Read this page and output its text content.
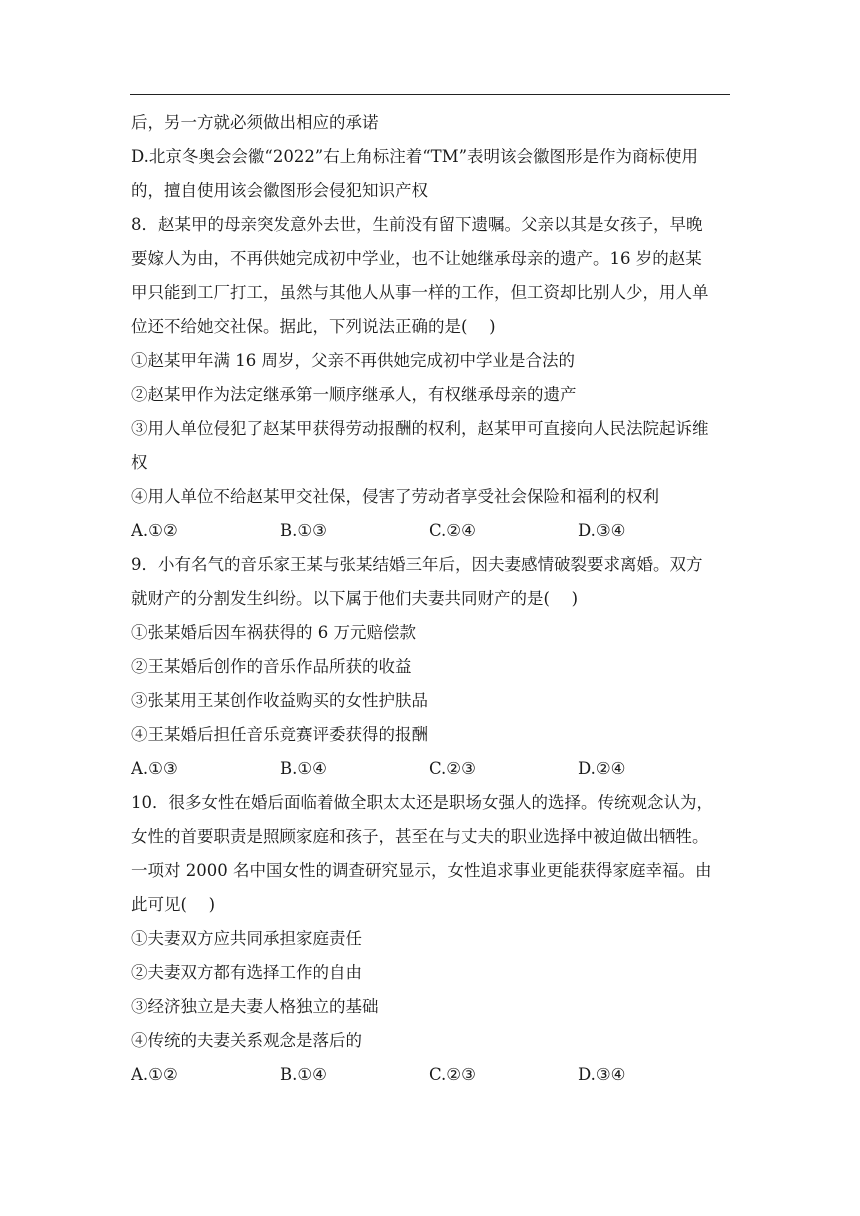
后，另一方就必须做出相应的承诺
D.北京冬奥会会徽“2022”右上角标注着“TM”表明该会徽图形是作为商标使用
的，擅自使用该会徽图形会侵犯知识产权
8．赵某甲的母亲突发意外去世，生前没有留下遗嘱。父亲以其是女孩子，早晚
要嫁人为由，不再供她完成初中学业，也不让她继承母亲的遗产。16 岁的赵某
甲只能到工厂打工，虽然与其他人从事一样的工作，但工资却比别人少，用人单
位还不给她交社保。据此，下列说法正确的是(　 )
①赵某甲年满 16 周岁，父亲不再供她完成初中学业是合法的
②赵某甲作为法定继承第一顺序继承人，有权继承母亲的遗产
③用人单位侵犯了赵某甲获得劳动报酬的权利，赵某甲可直接向人民法院起诉维
权
④用人单位不给赵某甲交社保，侵害了劳动者享受社会保险和福利的权利
A.①②	B.①③	C.②④	D.③④
9．小有名气的音乐家王某与张某结婚三年后，因夫妻感情破裂要求离婚。双方
就财产的分割发生纠纷。以下属于他们夫妻共同财产的是(　 )
①张某婚后因车祸获得的 6 万元赔偿款
②王某婚后创作的音乐作品所获的收益
③张某用王某创作收益购买的女性护肤品
④王某婚后担任音乐竞赛评委获得的报酬
A.①③	B.①④	C.②③	D.②④
10．很多女性在婚后面临着做全职太太还是职场女强人的选择。传统观念认为，
女性的首要职责是照顾家庭和孩子，甚至在与丈夫的职业选择中被迫做出牺牲。
一项对 2000 名中国女性的调查研究显示，女性追求事业更能获得家庭幸福。由
此可见(　 )
①夫妻双方应共同承担家庭责任
②夫妻双方都有选择工作的自由
③经济独立是夫妻人格独立的基础
④传统的夫妻关系观念是落后的
A.①②	B.①④	C.②③	D.③④
